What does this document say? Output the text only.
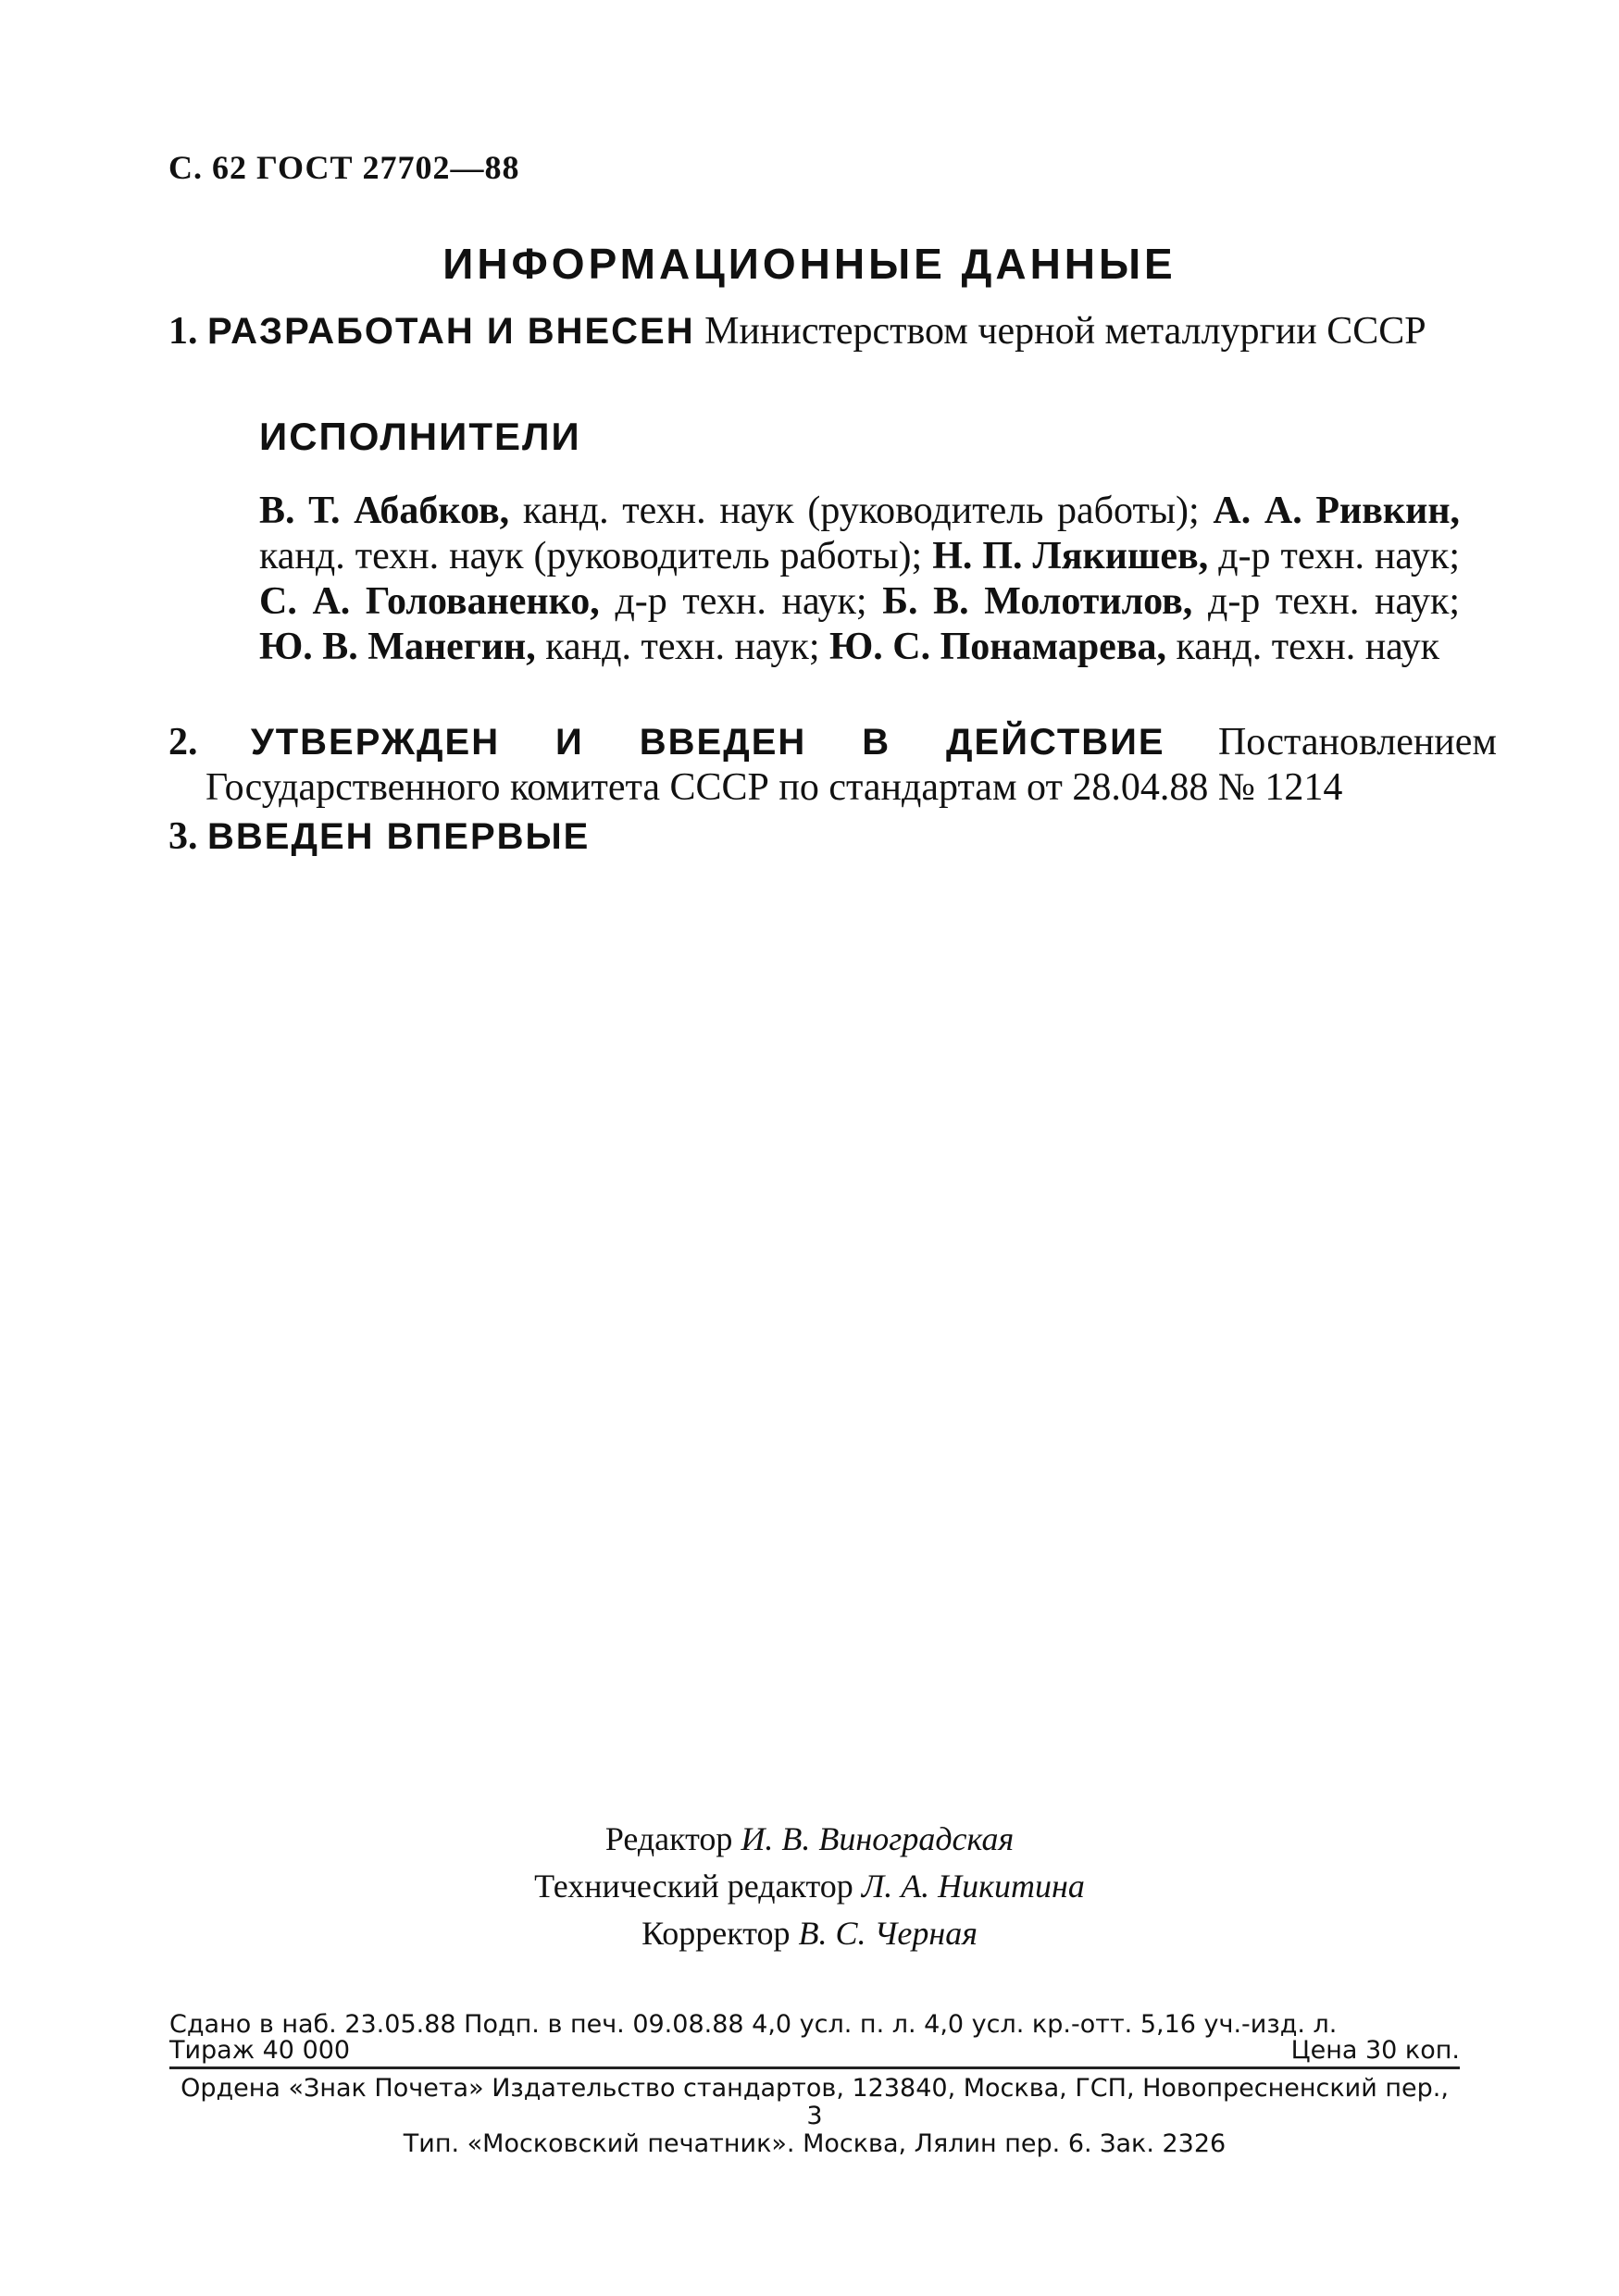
С. 62 ГОСТ 27702—88
ИНФОРМАЦИОННЫЕ ДАННЫЕ
1. РАЗРАБОТАН И ВНЕСЕН Министерством черной металлургии СССР
ИСПОЛНИТЕЛИ
В. Т. Абабков, канд. техн. наук (руководитель работы); А. А. Ривкин, канд. техн. наук (руководитель работы); Н. П. Лякишев, д-р техн. наук; С. А. Голованенко, д-р техн. наук; Б. В. Молотилов, д-р техн. наук; Ю. В. Манегин, канд. техн. наук; Ю. С. Понамарева, канд. техн. наук
2. УТВЕРЖДЕН И ВВЕДЕН В ДЕЙСТВИЕ Постановлением Государственного комитета СССР по стандартам от 28.04.88 № 1214
3. ВВЕДЕН ВПЕРВЫЕ
Редактор И. В. Виноградская
Технический редактор Л. А. Никитина
Корректор В. С. Черная
Сдано в наб. 23.05.88 Подп. в печ. 09.08.88 4,0 усл. п. л. 4,0 усл. кр.-отт. 5,16 уч.-изд. л.
Тираж 40 000	Цена 30 коп.
Ордена «Знак Почета» Издательство стандартов, 123840, Москва, ГСП, Новопресненский пер., 3
Тип. «Московский печатник». Москва, Лялин пер. 6. Зак. 2326
